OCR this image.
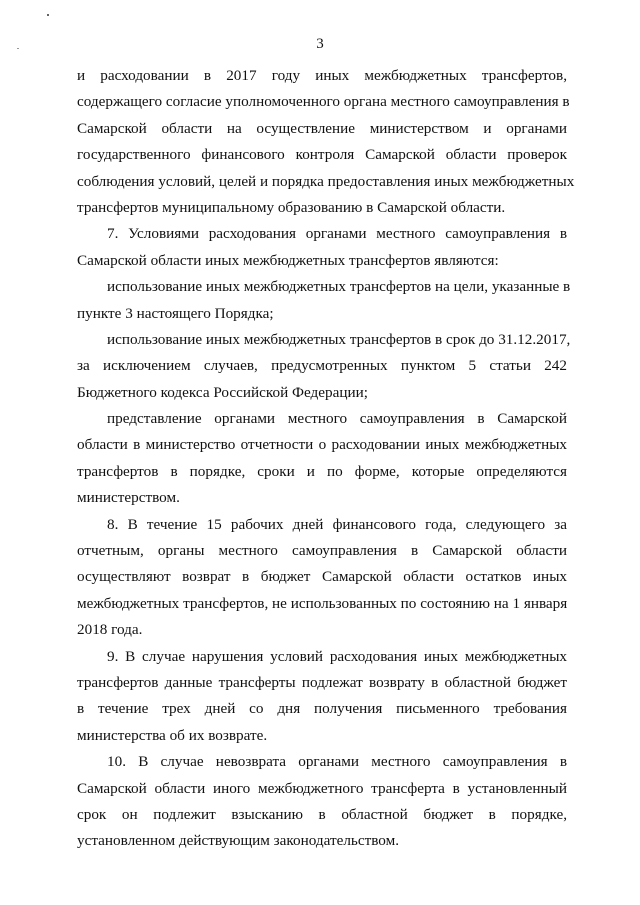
3
и расходовании в 2017 году иных межбюджетных трансфертов,
содержащего согласие уполномоченного органа местного самоуправления в
Самарской области на осуществление министерством и органами
государственного финансового контроля Самарской области проверок
соблюдения условий, целей и порядка предоставления иных межбюджетных
трансфертов муниципальному образованию в Самарской области.
7. Условиями расходования органами местного самоуправления в
Самарской области иных межбюджетных трансфертов являются:
использование иных межбюджетных трансфертов на цели, указанные в
пункте 3 настоящего Порядка;
использование иных межбюджетных трансфертов в срок до 31.12.2017,
за исключением случаев, предусмотренных пунктом 5 статьи 242
Бюджетного кодекса Российской Федерации;
представление органами местного самоуправления в Самарской
области в министерство отчетности о расходовании иных межбюджетных
трансфертов в порядке, сроки и по форме, которые определяются
министерством.
8. В течение 15 рабочих дней финансового года, следующего за
отчетным, органы местного самоуправления в Самарской области
осуществляют возврат в бюджет Самарской области остатков иных
межбюджетных трансфертов, не использованных по состоянию на 1 января
2018 года.
9. В случае нарушения условий расходования иных межбюджетных
трансфертов данные трансферты подлежат возврату в областной бюджет
в течение трех дней со дня получения письменного требования
министерства об их возврате.
10. В случае невозврата органами местного самоуправления в
Самарской области иного межбюджетного трансферта в установленный
срок он подлежит взысканию в областной бюджет в порядке,
установленном действующим законодательством.
